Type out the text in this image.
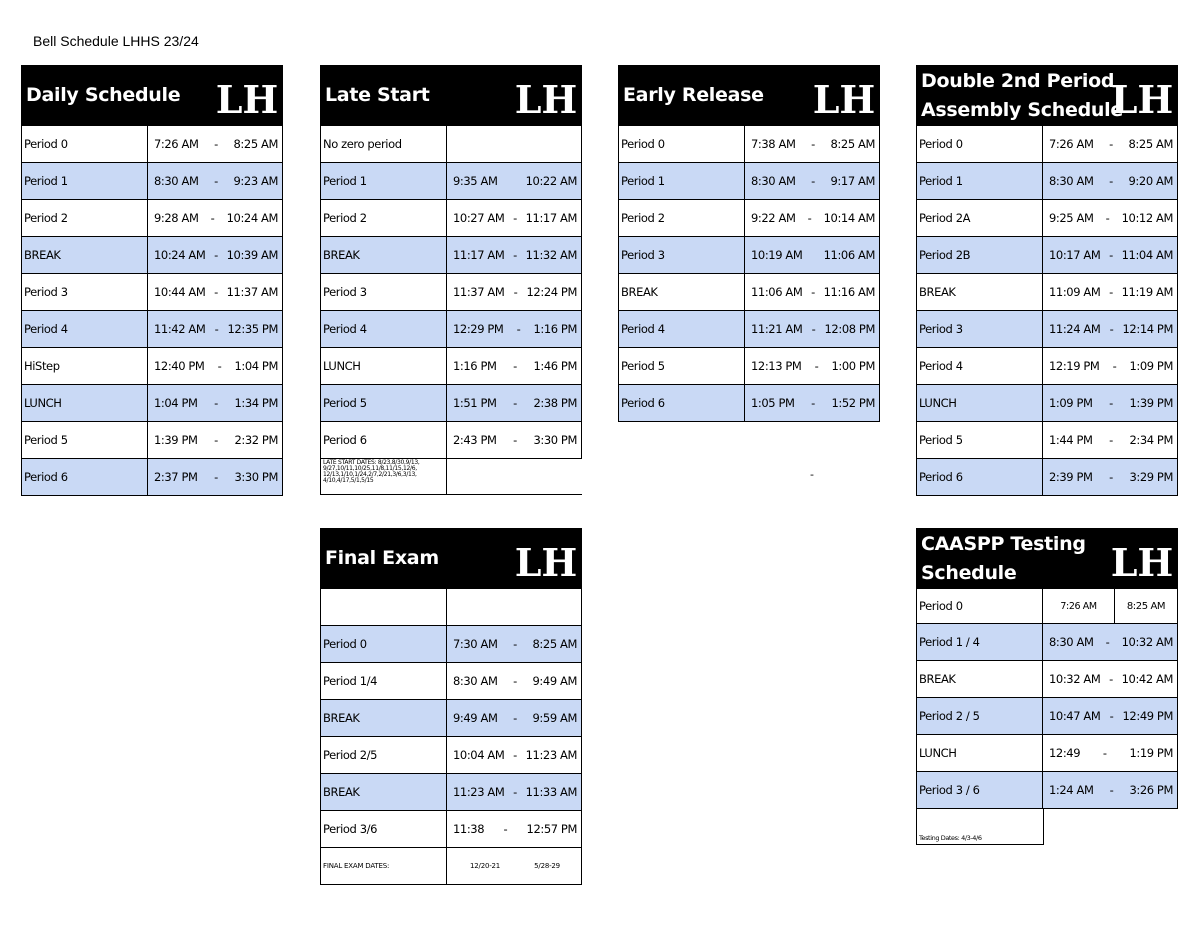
Bell Schedule LHHS 23/24
-
Daily Schedule LH
Period 0	7:26 AM - 8:25 AM
Period 1	8:30 AM - 9:23 AM
Period 2	9:28 AM - 10:24 AM
BREAK	10:24 AM - 10:39 AM
Period 3	10:44 AM - 11:37 AM
Period 4	11:42 AM - 12:35 PM
HiStep	12:40 PM - 1:04 PM
LUNCH	1:04 PM - 1:34 PM
Period 5	1:39 PM - 2:32 PM
Period 6	2:37 PM - 3:30 PM
Late Start LH
No zero period
Period 1	9:35 AM 10:22 AM
Period 2	10:27 AM - 11:17 AM
BREAK	11:17 AM - 11:32 AM
Period 3	11:37 AM - 12:24 PM
Period 4	12:29 PM - 1:16 PM
LUNCH	1:16 PM - 1:46 PM
Period 5	1:51 PM - 2:38 PM
Period 6	2:43 PM - 3:30 PM
LATE START DATES: 8/23,8/30,9/13, 9/27,10/11,10/25,11/8,11/15,12/6, 12/13,1/10,1/24,2/7,2/21,3/6,3/13, 4/10,4/17,5/1,5/15
Early Release LH
Period 0	7:38 AM - 8:25 AM
Period 1	8:30 AM - 9:17 AM
Period 2	9:22 AM - 10:14 AM
Period 3	10:19 AM 11:06 AM
BREAK	11:06 AM - 11:16 AM
Period 4	11:21 AM - 12:08 PM
Period 5	12:13 PM - 1:00 PM
Period 6	1:05 PM - 1:52 PM
Double 2nd Period
Assembly Schedule
LH
Period 0	7:26 AM - 8:25 AM
Period 1	8:30 AM - 9:20 AM
Period 2A	9:25 AM - 10:12 AM
Period 2B	10:17 AM - 11:04 AM
BREAK	11:09 AM - 11:19 AM
Period 3	11:24 AM - 12:14 PM
Period 4	12:19 PM - 1:09 PM
LUNCH	1:09 PM - 1:39 PM
Period 5	1:44 PM - 2:34 PM
Period 6	2:39 PM - 3:29 PM
Final Exam LH
Period 0	7:30 AM - 8:25 AM
Period 1/4	8:30 AM - 9:49 AM
BREAK	9:49 AM - 9:59 AM
Period 2/5	10:04 AM - 11:23 AM
BREAK	11:23 AM - 11:33 AM
Period 3/6	11:38 - 12:57 PM
FINAL EXAM DATES:	12/20-21	5/28-29
CAASPP Testing
Schedule	LH
Period 0	7:26 AM	8:25 AM
Period 1 / 4	8:30 AM - 10:32 AM
BREAK	10:32 AM - 10:42 AM
Period 2 / 5	10:47 AM - 12:49 PM
LUNCH	12:49 - 1:19 PM
Period 3 / 6	1:24 AM - 3:26 PM
Testing Dates: 4/3-4/6
